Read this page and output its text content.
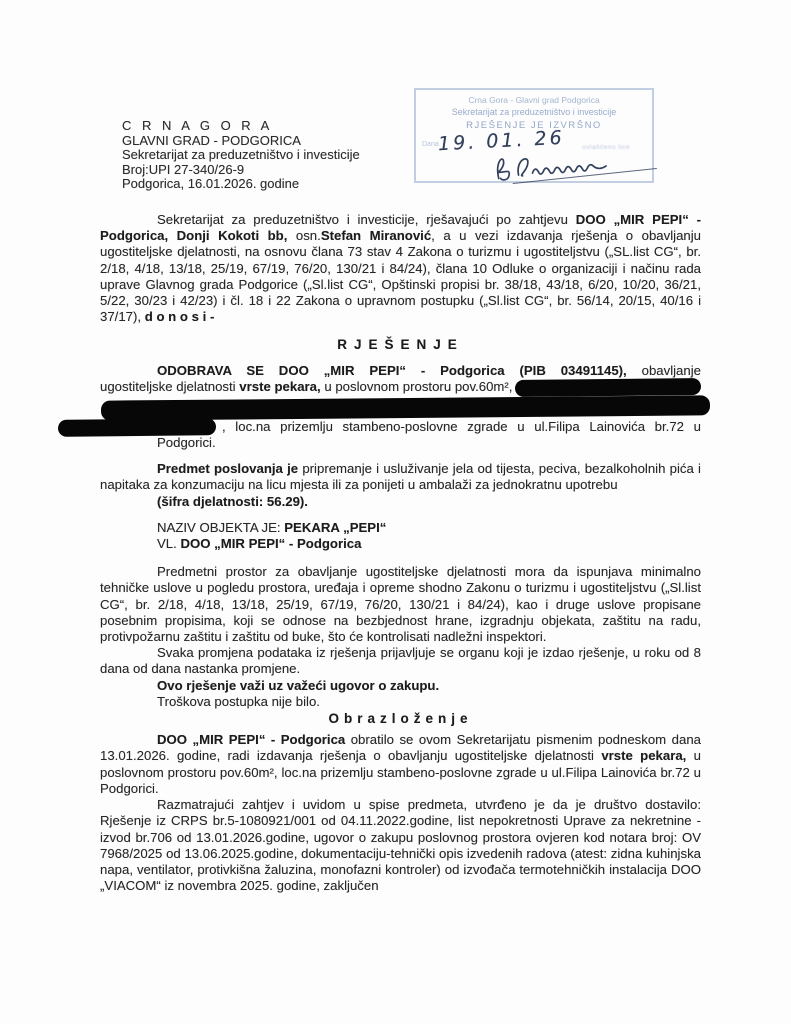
C R N A G O R A
GLAVNI GRAD - PODGORICA
Sekretarijat za preduzetništvo i investicije
Broj:UPI 27-340/26-9
Podgorica, 16.01.2026. godine
Crna Gora - Glavni grad Podgorica
Sekretarijat za preduzetništvo i investicije
RJEŠENJE JE IZVRŠNO
Dana
19. 01. 26	ovlašćeno lice

Sekretarijat za preduzetništvo i investicije, rješavajući po zahtjevu DOO „MIR PEPI“ - Podgorica, Donji Kokoti bb, osn.Stefan Miranović, a u vezi izdavanja rješenja o obavljanju ugostiteljske djelatnosti, na osnovu člana 73 stav 4 Zakona o turizmu i ugostiteljstvu („SL.list CG“, br. 2/18, 4/18, 13/18, 25/19, 67/19, 76/20, 130/21 i 84/24), člana 10 Odluke o organizaciji i načinu rada uprave Glavnog grada Podgorice („Sl.list CG“, Opštinski propisi br. 38/18, 43/18, 6/20, 10/20, 36/21, 5/22, 30/23 i 42/23) i čl. 18 i 22 Zakona o upravnom postupku („Sl.list CG“, br. 56/14, 20/15, 40/16 i 37/17), d o n o s i -

RJEŠENJE

ODOBRAVA SE DOO „MIR PEPI“ - Podgorica (PIB 03491145), obavljanje

ugostiteljske djelatnosti vrste pekara, u poslovnom prostoru pov.60m²,
, loc.na prizemlju stambeno-poslovne zgrade u ul.Filipa Lainovića br.72 u

Podgorici.

Predmet poslovanja je pripremanje i usluživanje jela od tijesta, peciva, bezalkoholnih pića i napitaka za konzumaciju na licu mjesta ili za ponijeti u ambalaži za jednokratnu upotrebu

(šifra djelatnosti: 56.29).

NAZIV OBJEKTA JE: PEKARA „PEPI“

VL. DOO „MIR PEPI“ - Podgorica

Predmetni prostor za obavljanje ugostiteljske djelatnosti mora da ispunjava minimalno tehničke uslove u pogledu prostora, uređaja i opreme shodno Zakonu o turizmu i ugostiteljstvu („Sl.list CG“, br. 2/18, 4/18, 13/18, 25/19, 67/19, 76/20, 130/21 i 84/24), kao i druge uslove propisane posebnim propisima, koji se odnose na bezbjednost hrane, izgradnju objekata, zaštitu na radu, protivpožarnu zaštitu i zaštitu od buke, što će kontrolisati nadležni inspektori.

Svaka promjena podataka iz rješenja prijavljuje se organu koji je izdao rješenje, u roku od 8 dana od dana nastanka promjene.

Ovo rješenje važi uz važeći ugovor o zakupu.

Troškova postupka nije bilo.

Obrazloženje

DOO „MIR PEPI“ - Podgorica obratilo se ovom Sekretarijatu pismenim podneskom dana 13.01.2026. godine, radi izdavanja rješenja o obavljanju ugostiteljske djelatnosti vrste pekara, u poslovnom prostoru pov.60m², loc.na prizemlju stambeno-poslovne zgrade u ul.Filipa Lainovića br.72 u Podgorici.

Razmatrajući zahtjev i uvidom u spise predmeta, utvrđeno je da je društvo dostavilo: Rješenje iz CRPS br.5-1080921/001 od 04.11.2022.godine, list nepokretnosti Uprave za nekretnine - izvod br.706 od 13.01.2026.godine, ugovor o zakupu poslovnog prostora ovjeren kod notara broj: OV 7968/2025 od 13.06.2025.godine, dokumentaciju-tehnički opis izvedenih radova (atest: zidna kuhinjska napa, ventilator, protivkišna žaluzina, monofazni kontroler) od izvođača termotehničkih instalacija DOO „VIACOM“ iz novembra 2025. godine, zaključen
